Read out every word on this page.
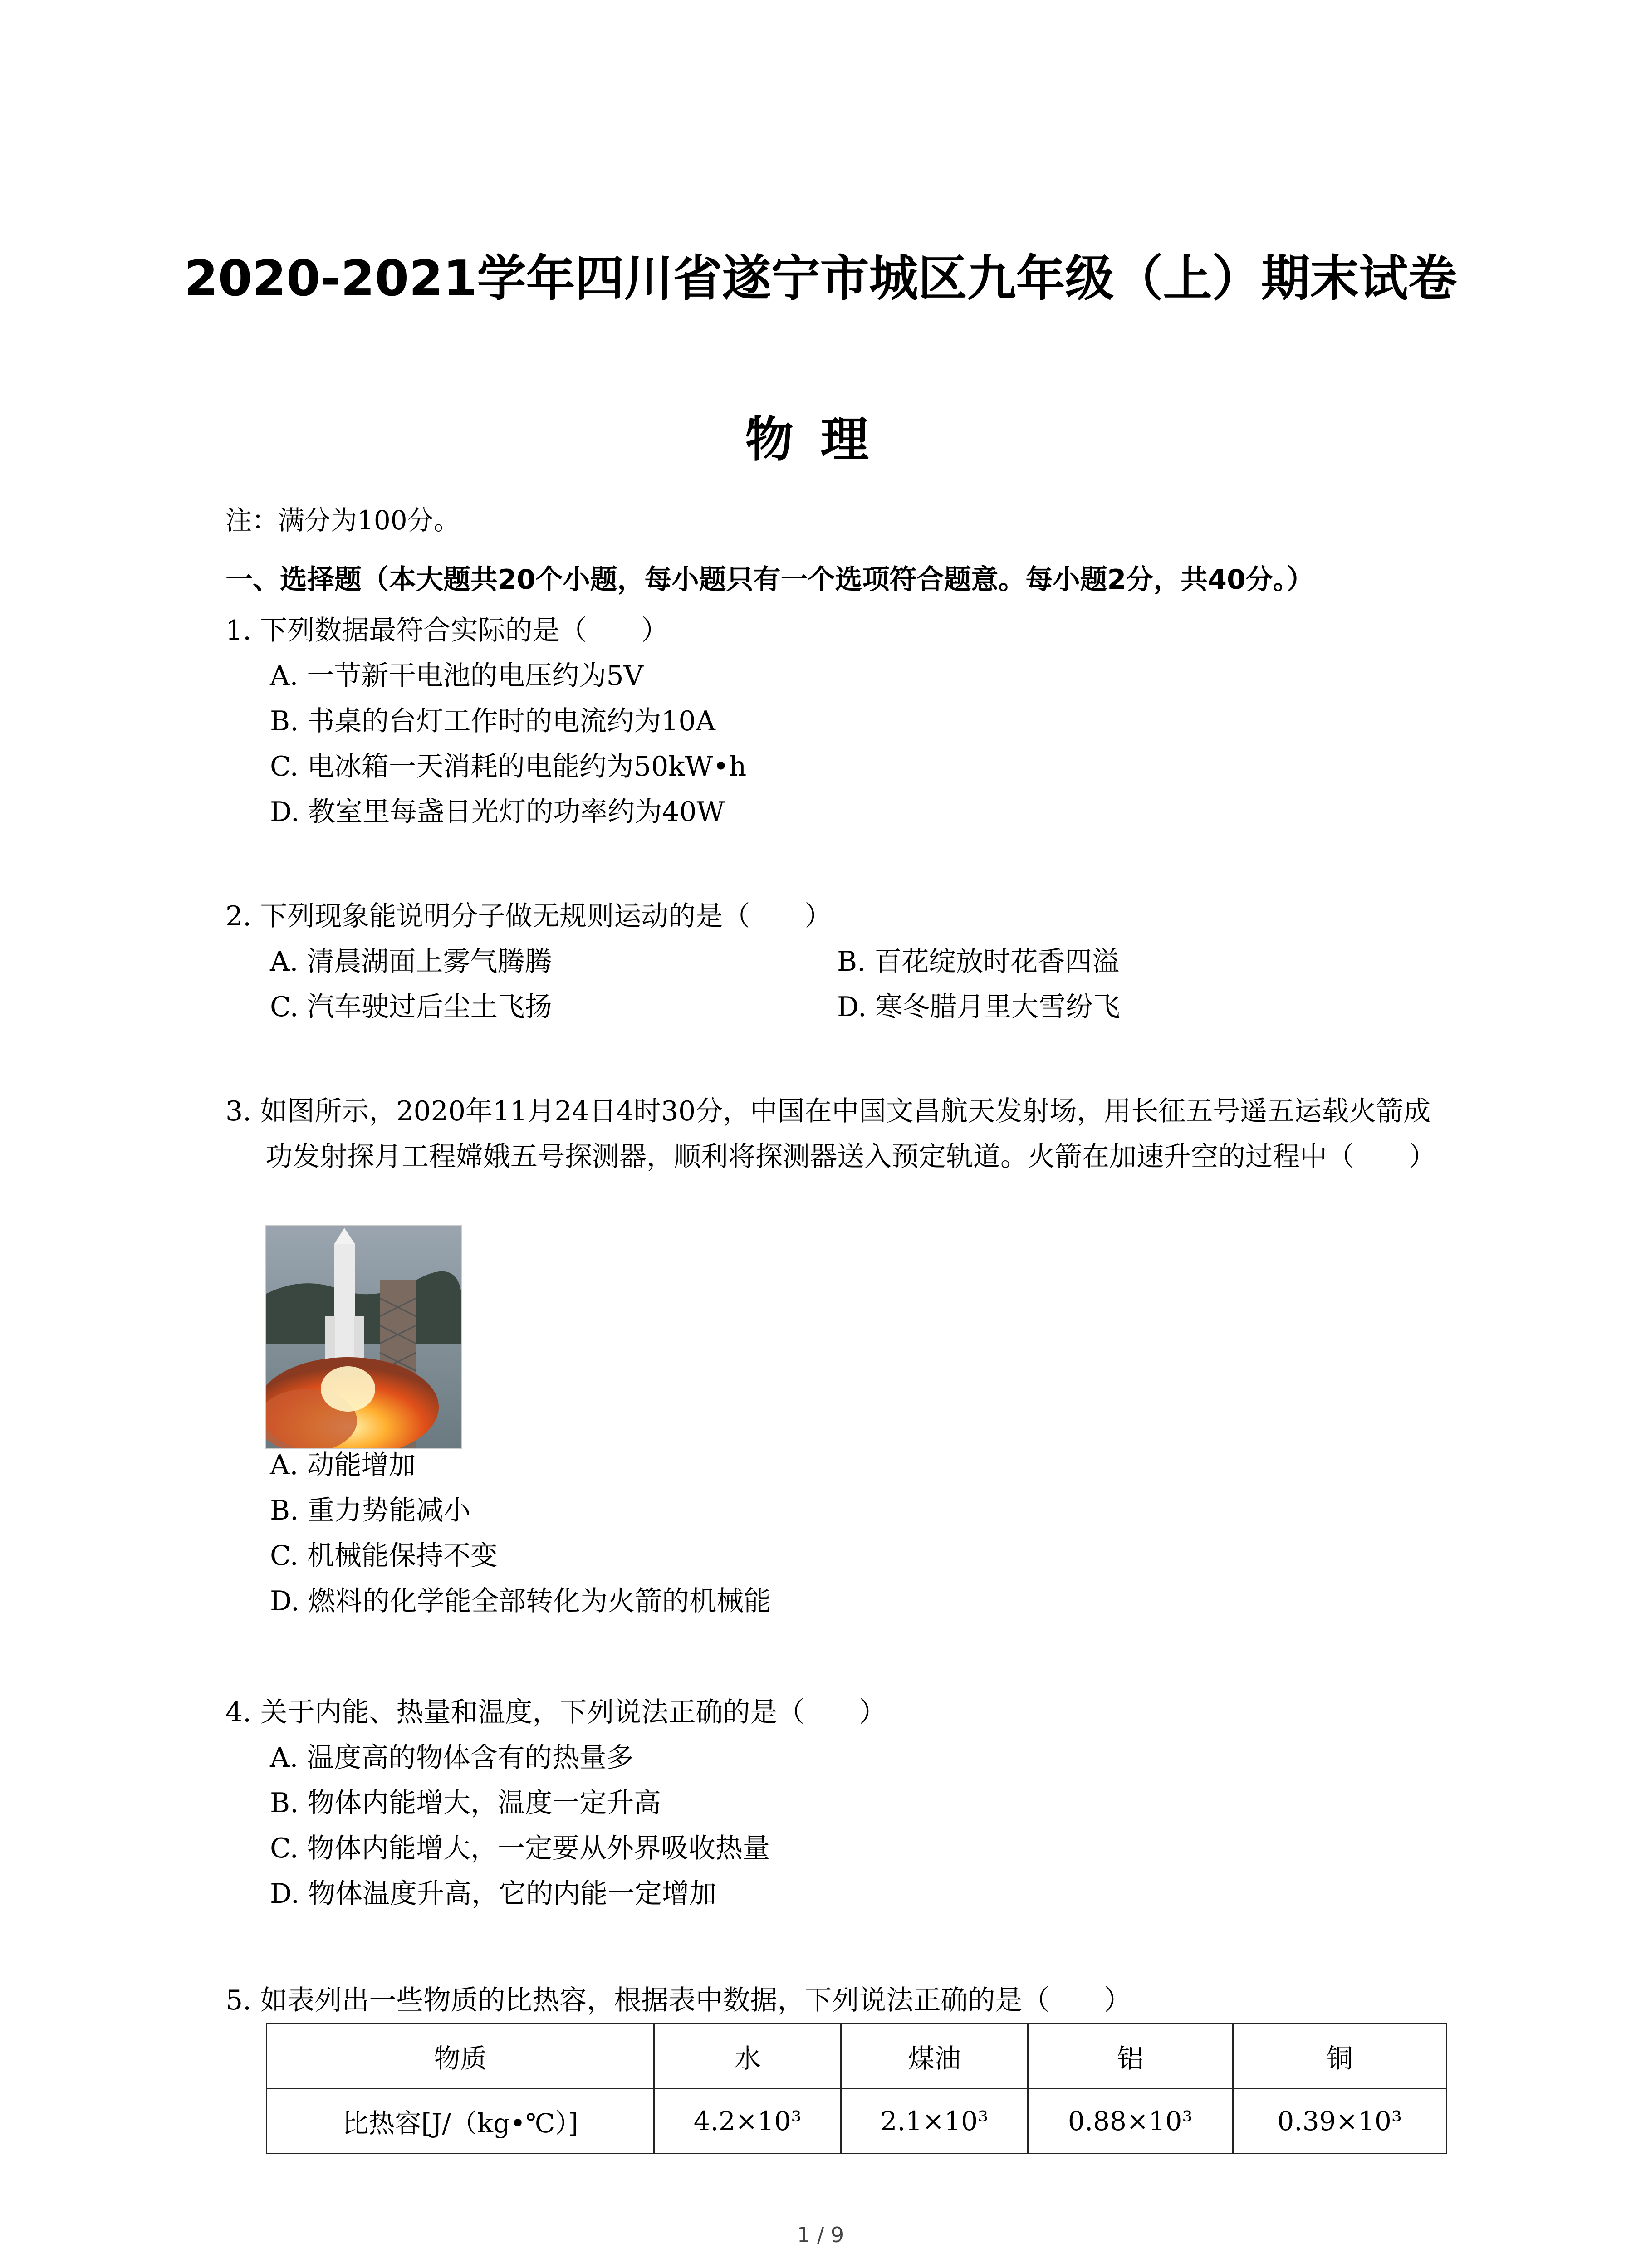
2020-2021学年四川省遂宁市城区九年级（上）期末试卷
物理
注：满分为100分。
一、选择题（本大题共20个小题，每小题只有一个选项符合题意。每小题2分，共40分。）
1. 下列数据最符合实际的是（　　）
A. 一节新干电池的电压约为5V
B. 书桌的台灯工作时的电流约为10A
C. 电冰箱一天消耗的电能约为50kW•h
D. 教室里每盏日光灯的功率约为40W
2. 下列现象能说明分子做无规则运动的是（　　）
A. 清晨湖面上雾气腾腾	B. 百花绽放时花香四溢
C. 汽车驶过后尘土飞扬	D. 寒冬腊月里大雪纷飞
3. 如图所示，2020年11月24日4时30分，中国在中国文昌航天发射场，用长征五号遥五运载火箭成功发射探月工程嫦娥五号探测器，顺利将探测器送入预定轨道。火箭在加速升空的过程中（　　）
A. 动能增加
B. 重力势能减小
C. 机械能保持不变
D. 燃料的化学能全部转化为火箭的机械能
4. 关于内能、热量和温度，下列说法正确的是（　　）
A. 温度高的物体含有的热量多
B. 物体内能增大，温度一定升高
C. 物体内能增大，一定要从外界吸收热量
D. 物体温度升高，它的内能一定增加
5. 如表列出一些物质的比热容，根据表中数据，下列说法正确的是（　　）
物质	水	煤油	铝	铜
比热容[J/（kg•℃）]	4.2×10³	2.1×10³	0.88×10³	0.39×10³
1 / 9
